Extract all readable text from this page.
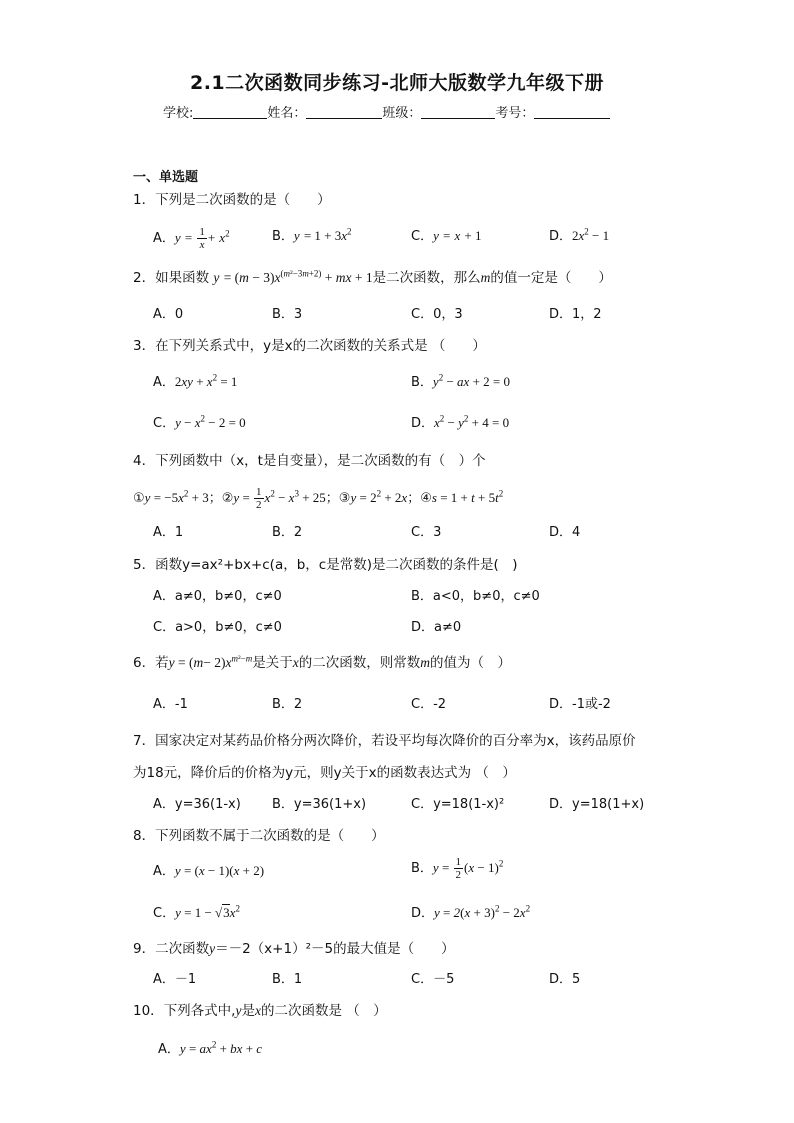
2.1二次函数同步练习-北师大版数学九年级下册
学校:	姓名：	班级：	考号：
一、单选题
1．下列是二次函数的是（　　）
A．$y = \frac{1}{x} + x^2$	B．$y = 1 + 3x^2$	C．y = x + 1	D．$2x^2 - 1$
2．如果函数 $y = (m - 3)x^{(m^2-3m+2)}$ + mx + 1是二次函数，那么m的值一定是（　　）
A．0	B．3	C．0，3	D．1，2
3．在下列关系式中，y是x的二次函数的关系式是 （　　）
A．$2xy + x^2 = 1$	B．$y^2$ − ax + 2 = 0
C．$y - x^2 - 2 = 0$	D．$x^2 - y^2 + 4 = 0$
4．下列函数中（x，t是自变量），是二次函数的有（　）个
①y = $-5x^2 + 3$；②y = $\frac{1}{2} x^2 - x^3 + 25$；③y = $2^2 + 2x$；④s = $1 + t + 5t^2$
A．1	B．2	C．3	D．4
5．函数y=ax²+bx+c(a，b，c是常数)是二次函数的条件是(　)
A．a≠0，b≠0，c≠0	B．a<0，b≠0，c≠0
C．a>0，b≠0，c≠0	D．a≠0
6．若$y = (m- 2)x^{m^2-m}$是关于x的二次函数，则常数m的值为（　）
A．-1	B．2	C．-2	D．-1或-2
7．国家决定对某药品价格分两次降价，若设平均每次降价的百分率为x，该药品原价
为18元，降价后的价格为y元，则y关于x的函数表达式为 （　）
A．y=36(1-x) B．y=36(1+x)	C．y=18(1-x)²	D．y=18(1+x)
8．下列函数不属于二次函数的是（　　）
A．y = (x − 1)(x + 2)	B．$y = \frac{1}{2} (x - 1)^2$
C．$y = 1 - √3x^2$	D．$y = 2(x + 3)^2 - 2x^2$
9．二次函数y＝－2（x+1）²－5的最大值是（　　）
A．－1	B．1	C．－5	D．5
10．下列各式中,y是x的二次函数是 （　）
A．$y = ax^2$ + bx + c
